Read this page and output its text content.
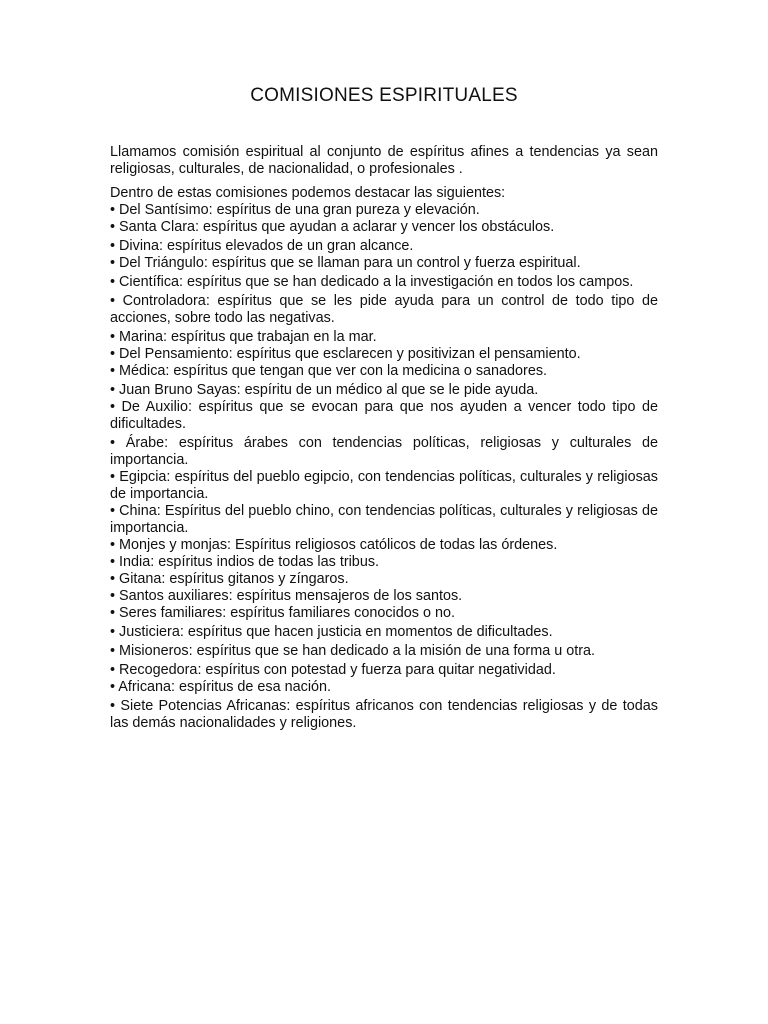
COMISIONES ESPIRITUALES

Llamamos comisión espiritual al conjunto de espíritus afines a tendencias ya sean religiosas, culturales, de nacionalidad, o profesionales .

Dentro de estas comisiones podemos destacar las siguientes:

• Del Santísimo: espíritus de una gran pureza y elevación.
• Santa Clara: espíritus que ayudan a aclarar y vencer los obstáculos.
• Divina: espíritus elevados de un gran alcance.
• Del Triángulo: espíritus que se llaman para un control y fuerza espiritual.
• Científica: espíritus que se han dedicado a la investigación en todos los campos.
• Controladora: espíritus que se les pide ayuda para un control de todo tipo de acciones, sobre todo las negativas.
• Marina: espíritus que trabajan en la mar.
• Del Pensamiento: espíritus que esclarecen y positivizan el pensamiento.
• Médica: espíritus que tengan que ver con la medicina o sanadores.
• Juan Bruno Sayas: espíritu de un médico al que se le pide ayuda.
• De Auxilio: espíritus que se evocan para que nos ayuden a vencer todo tipo de dificultades.
• Árabe: espíritus árabes con tendencias políticas, religiosas y culturales de importancia.
• Egipcia: espíritus del pueblo egipcio, con tendencias políticas, culturales y religiosas de importancia.
• China: Espíritus del pueblo chino, con tendencias políticas, culturales y religiosas de importancia.
• Monjes y monjas: Espíritus religiosos católicos de todas las órdenes.
• India: espíritus indios de todas las tribus.
• Gitana: espíritus gitanos y zíngaros.
• Santos auxiliares: espíritus mensajeros de los santos.
• Seres familiares: espíritus familiares conocidos o no.
• Justiciera: espíritus que hacen justicia en momentos de dificultades.
• Misioneros: espíritus que se han dedicado a la misión de una forma u otra.
• Recogedora: espíritus con potestad y fuerza para quitar negatividad.
• Africana: espíritus de esa nación.
• Siete Potencias Africanas: espíritus africanos con tendencias religiosas y de todas las demás nacionalidades y religiones.
